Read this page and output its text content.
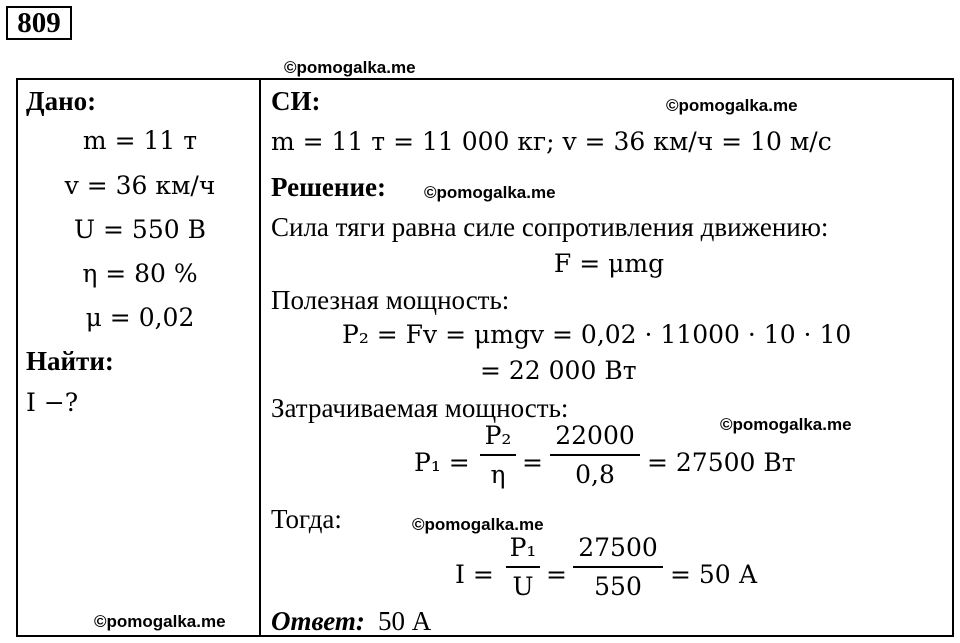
809
©pomogalka.me
©pomogalka.me
©pomogalka.me
©pomogalka.me
©pomogalka.me
©pomogalka.me
Дано:
m = 11 т
v = 36 км/ч
U = 550 В
η = 80 %
μ = 0,02
Найти:
I −?
СИ:
m = 11 т = 11 000 кг; v = 36 км/ч = 10 м/с
Решение:
Сила тяги равна силе сопротивления движению:
F = μmg
Полезная мощность:
P₂ = Fv = μmgv = 0,02 · 11000 · 10 · 10
= 22 000 Вт
Затрачиваемая мощность:
P₁ =
P₂
η =
22000
0,8	= 27500 Вт
Тогда:
I =
P₁
U =
27500
550	= 50 А
Ответ: 50 А
